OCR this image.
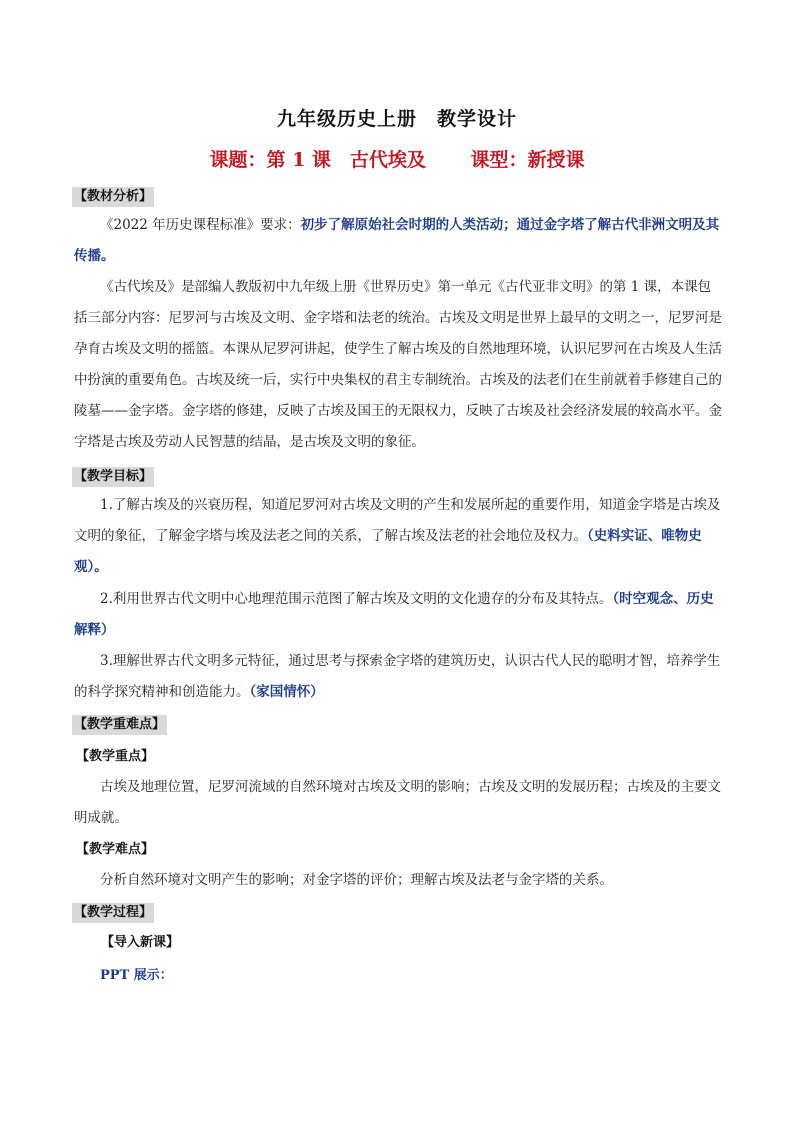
九年级历史上册　教学设计
课题：第 1 课　古代埃及　　 课型：新授课
【教材分析】
《2022 年历史课程标准》要求：初步了解原始社会时期的人类活动；通过金字塔了解古代非洲文明及其传播。
《古代埃及》是部编人教版初中九年级上册《世界历史》第一单元《古代亚非文明》的第 1 课，本课包括三部分内容：尼罗河与古埃及文明、金字塔和法老的统治。古埃及文明是世界上最早的文明之一，尼罗河是孕育古埃及文明的摇篮。本课从尼罗河讲起，使学生了解古埃及的自然地理环境，认识尼罗河在古埃及人生活中扮演的重要角色。古埃及统一后，实行中央集权的君主专制统治。古埃及的法老们在生前就着手修建自己的陵墓——金字塔。金字塔的修建，反映了古埃及国王的无限权力，反映了古埃及社会经济发展的较高水平。金字塔是古埃及劳动人民智慧的结晶，是古埃及文明的象征。
【教学目标】
1.了解古埃及的兴衰历程，知道尼罗河对古埃及文明的产生和发展所起的重要作用，知道金字塔是古埃及文明的象征，了解金字塔与埃及法老之间的关系，了解古埃及法老的社会地位及权力。（史料实证、唯物史观）。
2.利用世界古代文明中心地理范围示范图了解古埃及文明的文化遗存的分布及其特点。（时空观念、历史解释）
3.理解世界古代文明多元特征，通过思考与探索金字塔的建筑历史，认识古代人民的聪明才智，培养学生的科学探究精神和创造能力。（家国情怀）
【教学重难点】
【教学重点】
古埃及地理位置，尼罗河流域的自然环境对古埃及文明的影响；古埃及文明的发展历程；古埃及的主要文明成就。
【教学难点】
分析自然环境对文明产生的影响；对金字塔的评价；理解古埃及法老与金字塔的关系。
【教学过程】
【导入新课】
PPT 展示：
